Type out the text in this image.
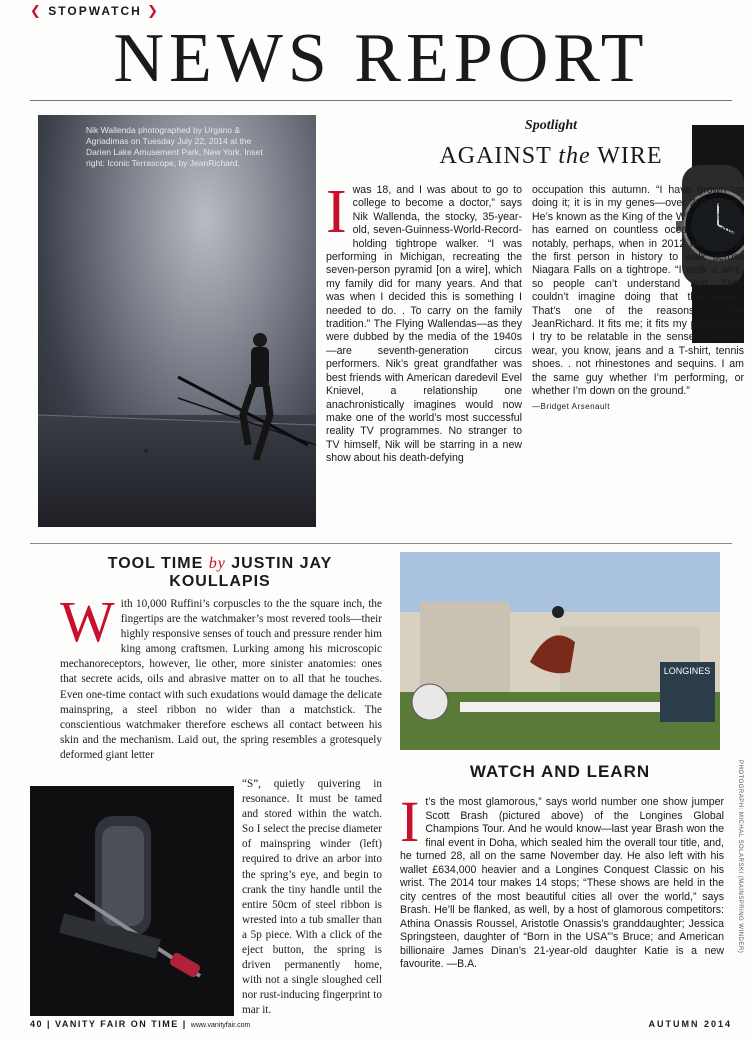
❮ STOPWATCH ❯
NEWS REPORT
Nik Wallenda photographed by Urgano & Agriadimas on Tuesday July 22, 2014 at the Darien Lake Amusement Park, New York. Inset right: Iconic Terrascope, by JeanRichard.
Spotlight
AGAINST the WIRE
I was 18, and I was about to go to college to become a doctor,” says Nik Wallenda, the stocky, 35-year-old, seven-Guinness-World-Record-holding tightrope walker. “I was performing in Michigan, recreating the seven-person pyramid [on a wire], which my family did for many years. And that was when I decided this is something I needed to do. . To carry on the family tradition.” The Flying Wallendas—as they were dubbed by the media of the 1940s—are seventh-generation circus performers. Nik’s great grandfather was best friends with American daredevil Evel Knievel, a relationship one anachronistically imagines would now make one of the world’s most successful reality TV programmes. No stranger to TV himself, Nik will be starring in a new show about his death-defying
occupation this autumn. “I have grown up doing it; it is in my genes—over 200 years.” He’s known as the King of the Wire, a title he has earned on countless occasions; most notably, perhaps, when in 2012 he became the first person in history to walk across Niagara Falls on a tightrope. “I walk a wire, so people can’t understand that. They couldn’t imagine doing that themselves. That’s one of the reasons I love JeanRichard. It fits me; it fits my personality. I try to be relatable in the sense of what I wear, you know, jeans and a T-shirt, tennis shoes. . not rhinestones and sequins. I am the same guy whether I’m performing, or whether I’m down on the ground.”
—Bridget Arsenault
TOOL TIME by JUSTIN JAY KOULLAPIS
W ith 10,000 Ruffini’s corpuscles to the the square inch, the fingertips are the watchmaker’s most revered tools—their highly responsive senses of touch and pressure render him king among craftsmen. Lurking among his microscopic mechanoreceptors, however, lie other, more sinister anatomies: ones that secrete acids, oils and abrasive matter on to all that he touches. Even one-time contact with such exudations would damage the delicate mainspring, a steel ribbon no wider than a matchstick. The conscientious watchmaker therefore eschews all contact between his skin and the mechanism. Laid out, the spring resembles a grotesquely deformed giant letter
“S”, quietly quivering in resonance. It must be tamed and stored within the watch. So I select the precise diameter of mainspring winder (left) required to drive an arbor into the spring’s eye, and begin to crank the tiny handle until the entire 50cm of steel ribbon is wrested into a tub smaller than a 5p piece. With a click of the eject button, the spring is driven permanently home, with not a single sloughed cell nor rust-inducing fingerprint to mar it.
LONGINES
WATCH AND LEARN
I t’s the most glamorous,” says world number one show jumper Scott Brash (pictured above) of the Longines Global Champions Tour. And he would know—last year Brash won the final event in Doha, which sealed him the overall tour title, and, he turned 28, all on the same November day. He also left with his wallet £634,000 heavier and a Longines Conquest Classic on his wrist. The 2014 tour makes 14 stops; “These shows are held in the city centres of the most beautiful cities all over the world,” says Brash. He’ll be flanked, as well, by a host of glamorous competitors: Athina Onassis Roussel, Aristotle Onassis’s granddaughter; Jessica Springsteen, daughter of “Born in the USA”’s Bruce; and American billionaire James Dinan’s 21-year-old daughter Katie is a new favourite. —B.A.
PHOTOGRAPH: MICHAL SOLARSKI (MAINSPRING WINDER)
40 | VANITY FAIR ON TIME | www.vanityfair.com	AUTUMN 2014
